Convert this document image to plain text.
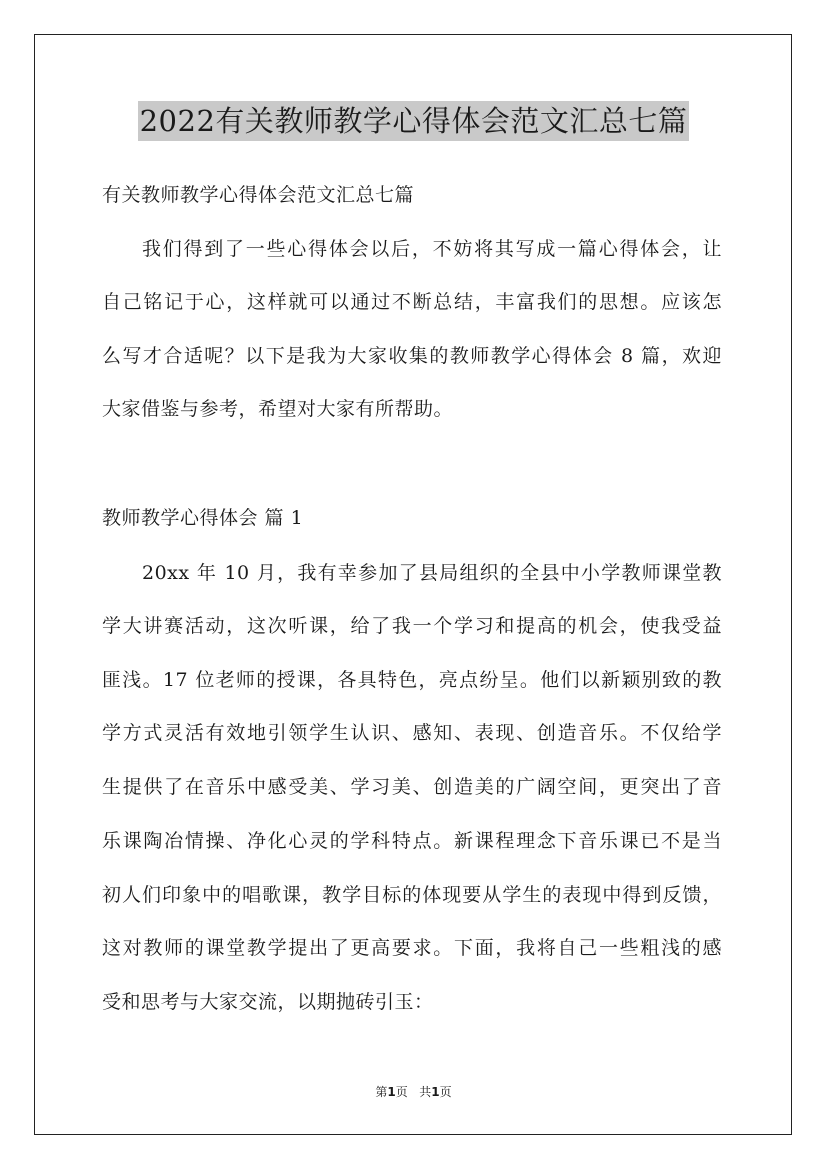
2022有关教师教学心得体会范文汇总七篇
有关教师教学心得体会范文汇总七篇
我们得到了一些心得体会以后，不妨将其写成一篇心得体会，让
自己铭记于心，这样就可以通过不断总结，丰富我们的思想。应该怎
么写才合适呢？以下是我为大家收集的教师教学心得体会 8 篇，欢迎
大家借鉴与参考，希望对大家有所帮助。
教师教学心得体会 篇 1
20xx 年 10 月，我有幸参加了县局组织的全县中小学教师课堂教
学大讲赛活动，这次听课，给了我一个学习和提高的机会，使我受益
匪浅。17 位老师的授课，各具特色，亮点纷呈。他们以新颖别致的教
学方式灵活有效地引领学生认识、感知、表现、创造音乐。不仅给学
生提供了在音乐中感受美、学习美、创造美的广阔空间，更突出了音
乐课陶冶情操、净化心灵的学科特点。新课程理念下音乐课已不是当
初人们印象中的唱歌课，教学目标的体现要从学生的表现中得到反馈，
这对教师的课堂教学提出了更高要求。下面，我将自己一些粗浅的感
受和思考与大家交流，以期抛砖引玉：
第1页 共1页
